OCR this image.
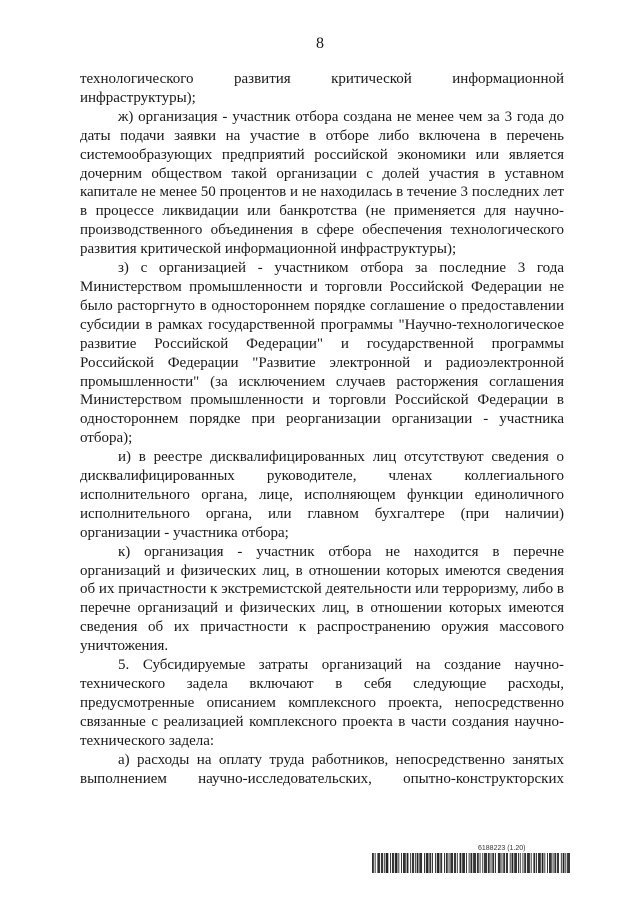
8

технологического развития критической информационной инфраструктуры);

ж) организация - участник отбора создана не менее чем за 3 года до даты подачи заявки на участие в отборе либо включена в перечень системообразующих предприятий российской экономики или является дочерним обществом такой организации с долей участия в уставном капитале не менее 50 процентов и не находилась в течение 3 последних лет в процессе ликвидации или банкротства (не применяется для научно-производственного объединения в сфере обеспечения технологического развития критической информационной инфраструктуры);

з) с организацией - участником отбора за последние 3 года Министерством промышленности и торговли Российской Федерации не было расторгнуто в одностороннем порядке соглашение о предоставлении субсидии в рамках государственной программы "Научно-технологическое развитие Российской Федерации" и государственной программы Российской Федерации "Развитие электронной и радиоэлектронной промышленности" (за исключением случаев расторжения соглашения Министерством промышленности и торговли Российской Федерации в одностороннем порядке при реорганизации организации - участника отбора);

и) в реестре дисквалифицированных лиц отсутствуют сведения о дисквалифицированных руководителе, членах коллегиального исполнительного органа, лице, исполняющем функции единоличного исполнительного органа, или главном бухгалтере (при наличии) организации - участника отбора;

к) организация - участник отбора не находится в перечне организаций и физических лиц, в отношении которых имеются сведения об их причастности к экстремистской деятельности или терроризму, либо в перечне организаций и физических лиц, в отношении которых имеются сведения об их причастности к распространению оружия массового уничтожения.

5. Субсидируемые затраты организаций на создание научно-технического задела включают в себя следующие расходы, предусмотренные описанием комплексного проекта, непосредственно связанные с реализацией комплексного проекта в части создания научно-технического задела:

а) расходы на оплату труда работников, непосредственно занятых выполнением научно-исследовательских, опытно-конструкторских

6188223 (1.20)
